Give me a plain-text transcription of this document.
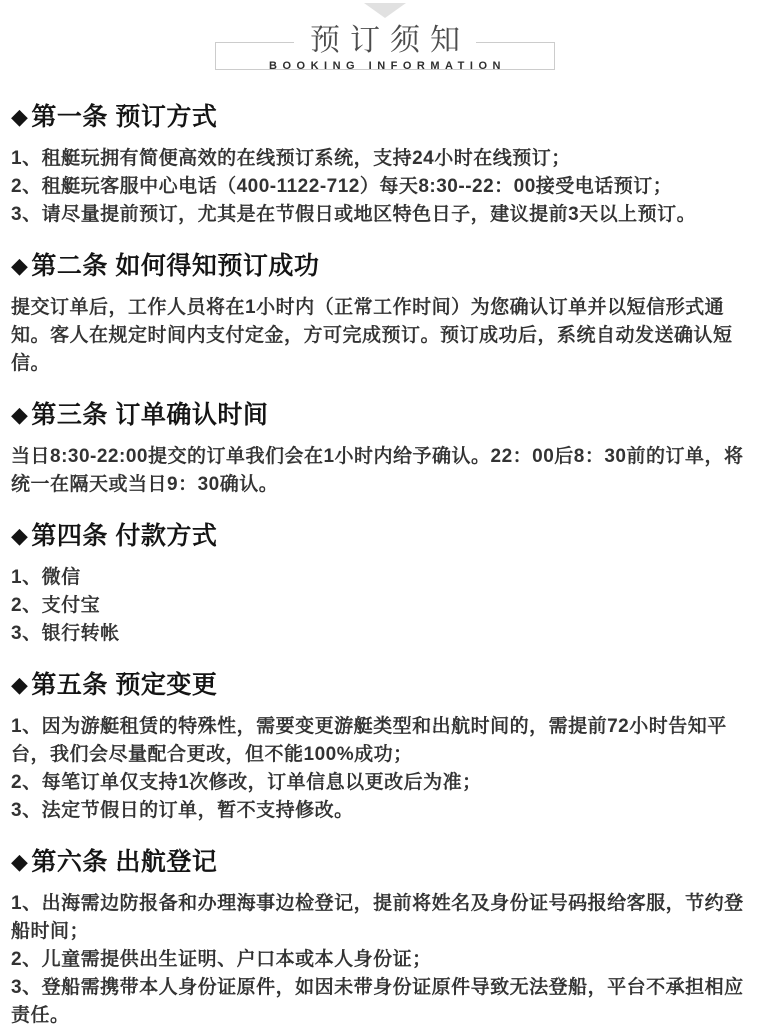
预订须知
BOOKING INFORMATION
◆ 第一条 预订方式

1、租艇玩拥有简便高效的在线预订系统，支持24小时在线预订；

2、租艇玩客服中心电话（400-1122-712）每天8:30--22：00接受电话预订；

3、请尽量提前预订，尤其是在节假日或地区特色日子，建议提前3天以上预订。

◆ 第二条 如何得知预订成功

提交订单后，工作人员将在1小时内（正常工作时间）为您确认订单并以短信形式通知。客人在规定时间内支付定金，方可完成预订。预订成功后，系统自动发送确认短信。

◆ 第三条 订单确认时间

当日8:30-22:00提交的订单我们会在1小时内给予确认。22：00后8：30前的订单，将统一在隔天或当日9：30确认。

◆ 第四条 付款方式

1、微信

2、支付宝

3、银行转帐

◆ 第五条 预定变更

1、因为游艇租赁的特殊性，需要变更游艇类型和出航时间的，需提前72小时告知平台，我们会尽量配合更改，但不能100%成功；

2、每笔订单仅支持1次修改，订单信息以更改后为准；

3、法定节假日的订单，暂不支持修改。

◆ 第六条 出航登记

1、出海需边防报备和办理海事边检登记，提前将姓名及身份证号码报给客服，节约登船时间；

2、儿童需提供出生证明、户口本或本人身份证；

3、登船需携带本人身份证原件，如因未带身份证原件导致无法登船，平台不承担相应责任。
